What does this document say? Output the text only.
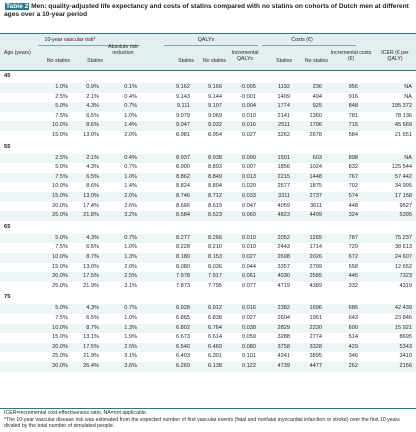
Table 2 Men: quality-adjusted life expectancy and costs of statins compared with no statins on cohorts of Dutch men at different ages over a 10-year period
10-year vascular risk*	QALYs	Costs (€)
Age (years)
No statins	Statins
Absolute risk reduction
Statins	No statins
Incremental QALYs	Statins	No statins
Incremental costs (€)
ICER (€ per QALY)
45
1.0%	0.9%	0.1%	9.162	9.166	-0.005	1192	236	956	NA
2.5%	2.1%	0.4%	9.143	9.144	-0.001	1409	494	916	NA
5.0%	4.3%	0.7%	9.111	9.107	0.004	1774	925	848	195 372
7.5%	6.5%	1.0%	9.079	9.069	0.010	2141	1360	781	78 136
10.0%	8.6%	1.4%	9.047	9.032	0.016	2511	1796	715	45 669
15.0%	13.0%	2.0%	8.981	8.954	0.027	3262	2678	584	21 651
55
2.5%	2.1%	0.4%	8.937	8.938	0.000	1501	603	898	NA
5.0%	4.3%	0.7%	8.900	8.893	0.007	1856	1024	832	125 544
7.5%	6.5%	1.0%	8.862	8.849	0.013	2215	1448	767	57 442
10.0%	8.6%	1.4%	8.824	8.804	0.020	2577	1875	702	34 995
15.0%	13.0%	2.0%	8.746	8.712	0.033	3311	2737	574	17 158
20.0%	17.4%	2.6%	8.666	8.619	0.047	4059	3611	448	9527
25.0%	21.8%	3.2%	8.584	8.523	0.060	4823	4499	324	5395
65
5.0%	4.3%	0.7%	8.277	8.266	0.010	2052	1265	787	75 237
7.5%	6.5%	1.0%	8.228	8.210	0.019	2443	1714	729	38 613
10.0%	8.7%	1.3%	8.180	8.153	0.027	2698	2026	672	24 607
15.0%	13.0%	2.0%	8.080	8.036	0.044	3357	2799	558	12 652
20.0%	17.5%	2.5%	7.978	7.917	0.061	4030	3585	445	7323
25.0%	21.9%	3.1%	7.873	7.795	0.077	4719	4389	332	4319
75
5.0%	4.3%	0.7%	6.928	6.912	0.016	2382	1696	686	42 439
7.5%	6.5%	1.0%	6.865	6.838	0.027	2604	1961	643	23 846
10.0%	8.7%	1.3%	6.802	6.764	0.038	2829	2230	600	15 921
15.0%	13.1%	1.9%	6.673	6.614	0.059	3288	2774	514	8695
20.0%	17.5%	2.5%	6.540	6.460	0.080	3758	3328	429	5343
25.0%	21.9%	3.1%	6.403	6.301	0.101	4241	3895	346	3410
30.0%	26.4%	3.6%	6.260	6.138	0.122	4739	4477	262	2156
ICER=incremental cost-effectiveness ratio, NA=not applicable.
*The 10-year vascular disease risk was estimated from the expected number of first vascular events (fatal and nonfatal myocardial infarction or stroke) over the first 10 years divided by the total number of simulated people.
